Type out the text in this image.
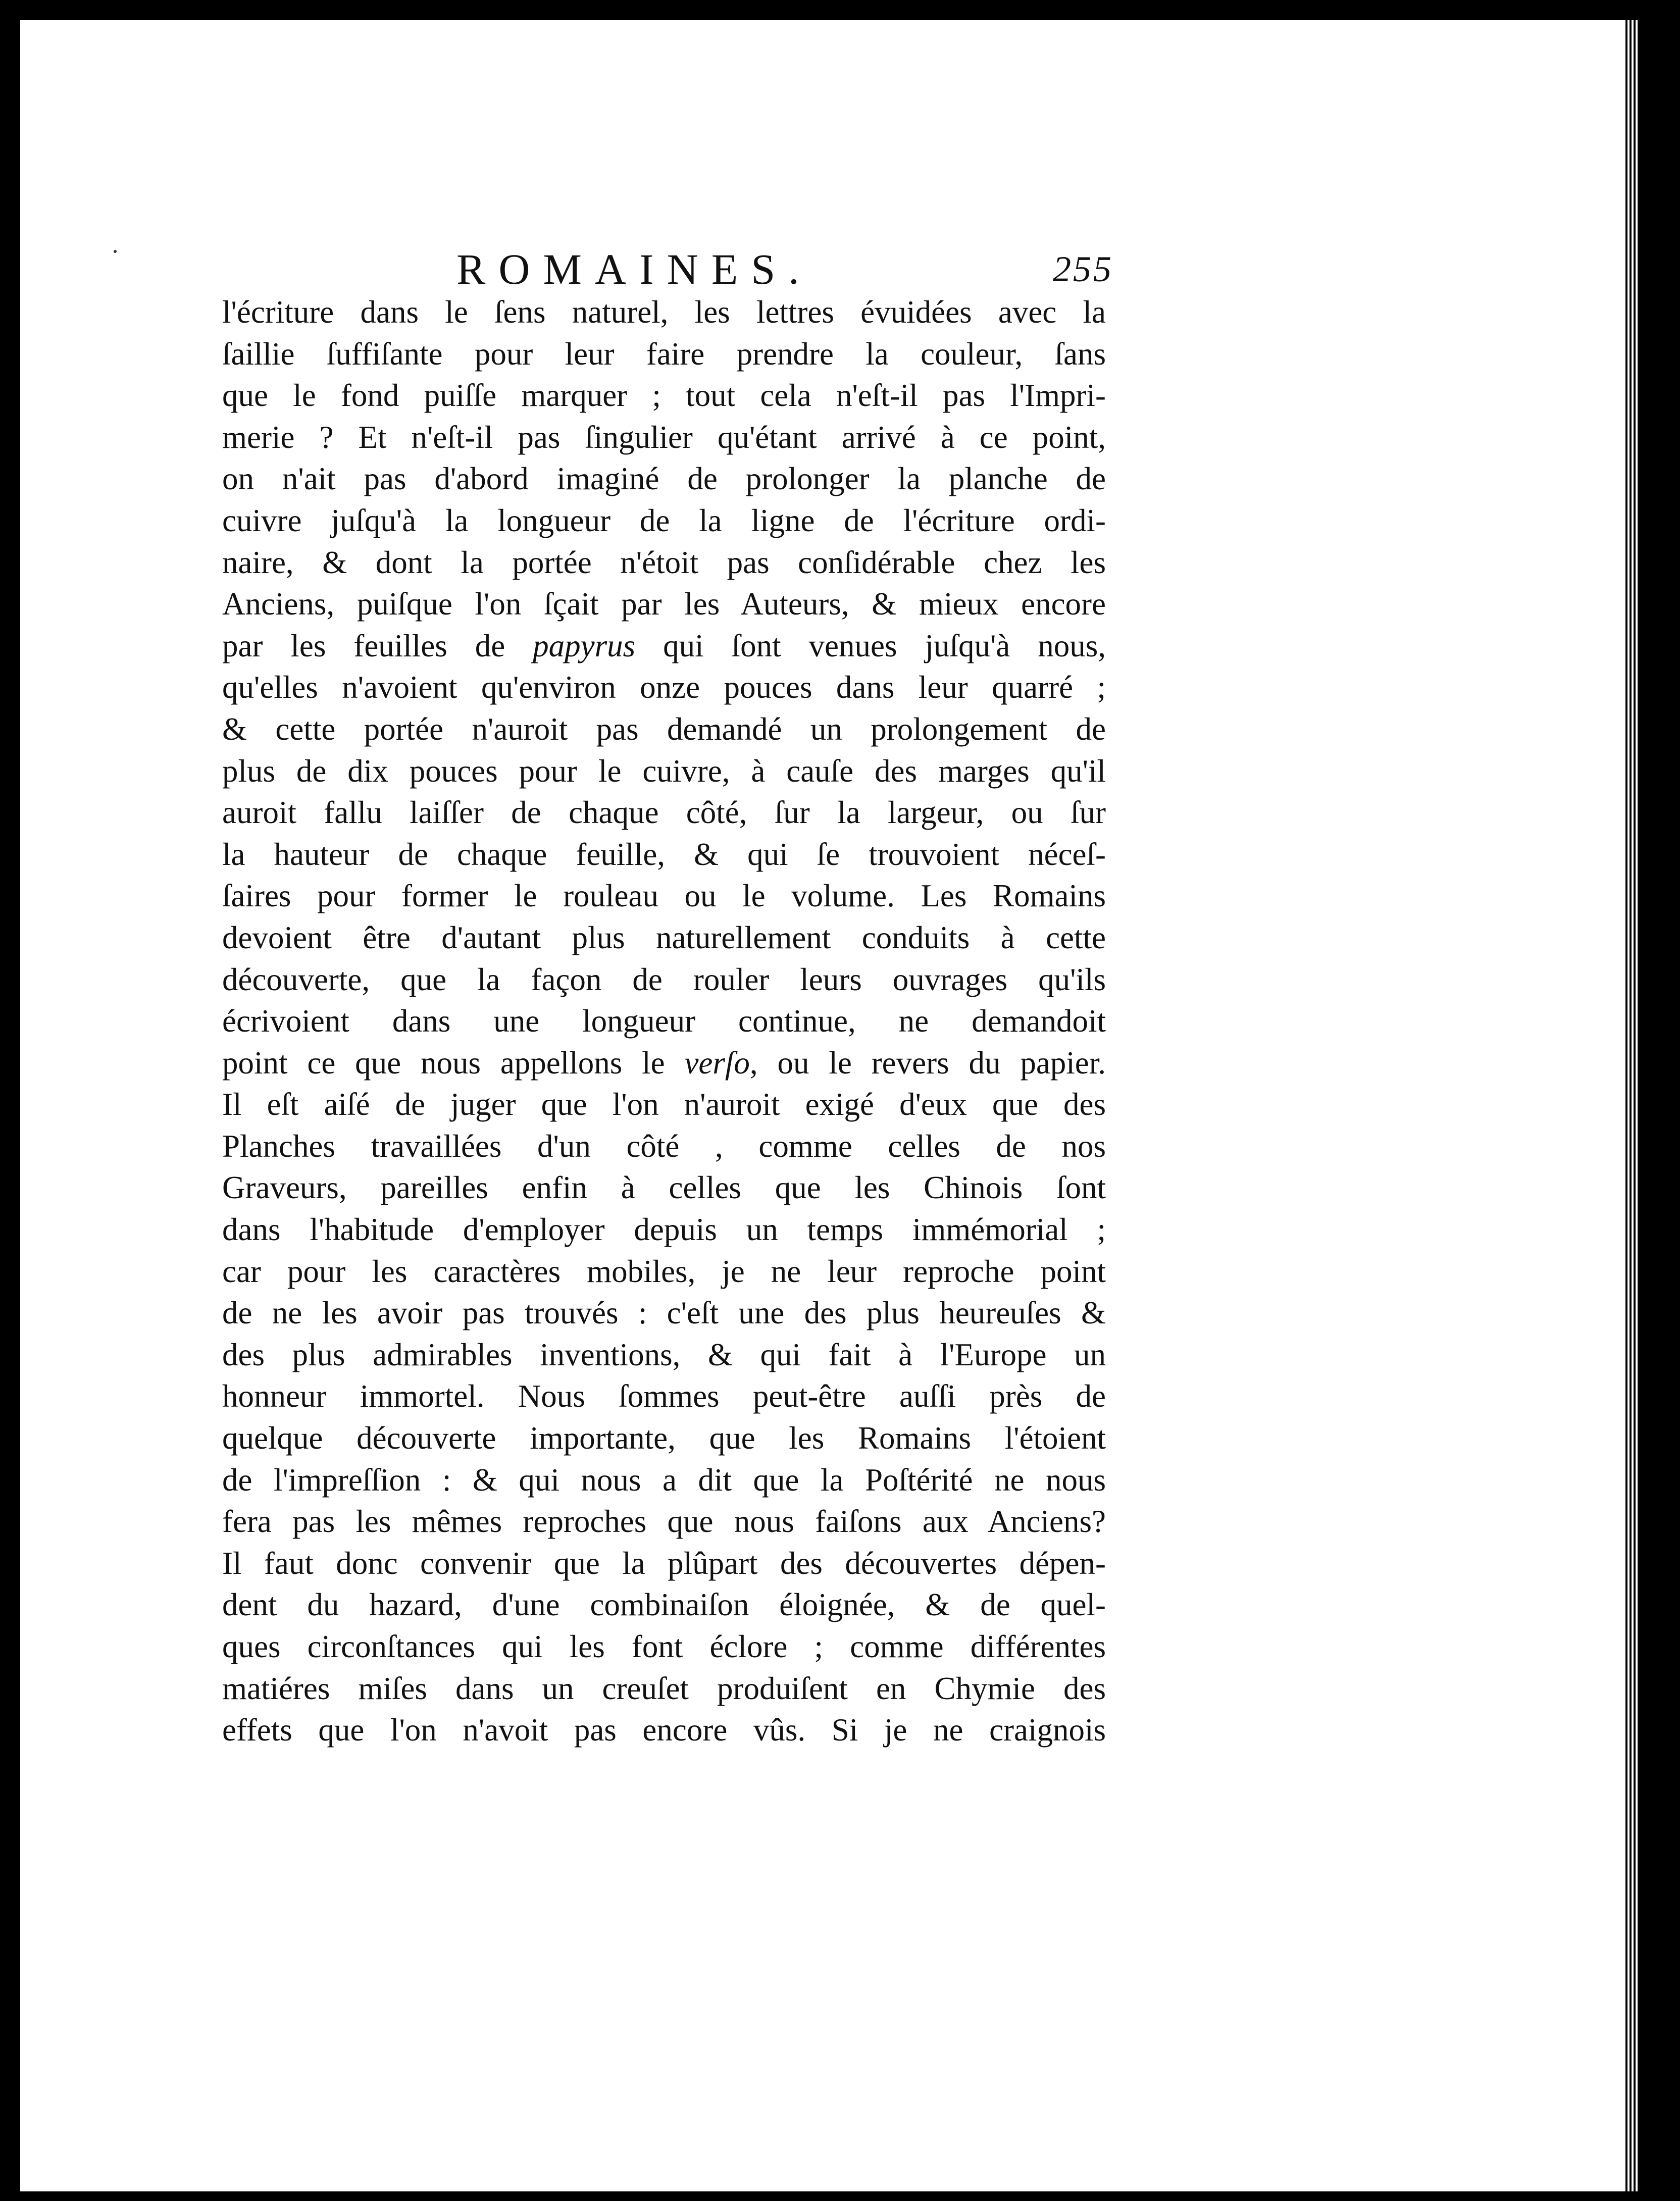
ROMAINES.	255
l'écriture dans le ſens naturel, les lettres évuidées avec la
ſaillie ſuffiſante pour leur faire prendre la couleur, ſans
que le fond puiſſe marquer ; tout cela n'eſt-il pas l'Impri-
merie ? Et n'eſt-il pas ſingulier qu'étant arrivé à ce point,
on n'ait pas d'abord imaginé de prolonger la planche de
cuivre juſqu'à la longueur de la ligne de l'écriture ordi-
naire, & dont la portée n'étoit pas conſidérable chez les
Anciens, puiſque l'on ſçait par les Auteurs, & mieux encore
par les feuilles de papyrus qui ſont venues juſqu'à nous,
qu'elles n'avoient qu'environ onze pouces dans leur quarré ;
& cette portée n'auroit pas demandé un prolongement de
plus de dix pouces pour le cuivre, à cauſe des marges qu'il
auroit fallu laiſſer de chaque côté, ſur la largeur, ou ſur
la hauteur de chaque feuille, & qui ſe trouvoient néceſ-
ſaires pour former le rouleau ou le volume. Les Romains
devoient être d'autant plus naturellement conduits à cette
découverte, que la façon de rouler leurs ouvrages qu'ils
écrivoient dans une longueur continue, ne demandoit
point ce que nous appellons le verſo, ou le revers du papier.
Il eſt aiſé de juger que l'on n'auroit exigé d'eux que des
Planches travaillées d'un côté , comme celles de nos
Graveurs, pareilles enfin à celles que les Chinois ſont
dans l'habitude d'employer depuis un temps immémorial ;
car pour les caractères mobiles, je ne leur reproche point
de ne les avoir pas trouvés : c'eſt une des plus heureuſes &
des plus admirables inventions, & qui fait à l'Europe un
honneur immortel. Nous ſommes peut-être auſſi près de
quelque découverte importante, que les Romains l'étoient
de l'impreſſion : & qui nous a dit que la Poſtérité ne nous
fera pas les mêmes reproches que nous faiſons aux Anciens?
Il faut donc convenir que la plûpart des découvertes dépen-
dent du hazard, d'une combinaiſon éloignée, & de quel-
ques circonſtances qui les font éclore ; comme différentes
matiéres miſes dans un creuſet produiſent en Chymie des
effets que l'on n'avoit pas encore vûs. Si je ne craignois
